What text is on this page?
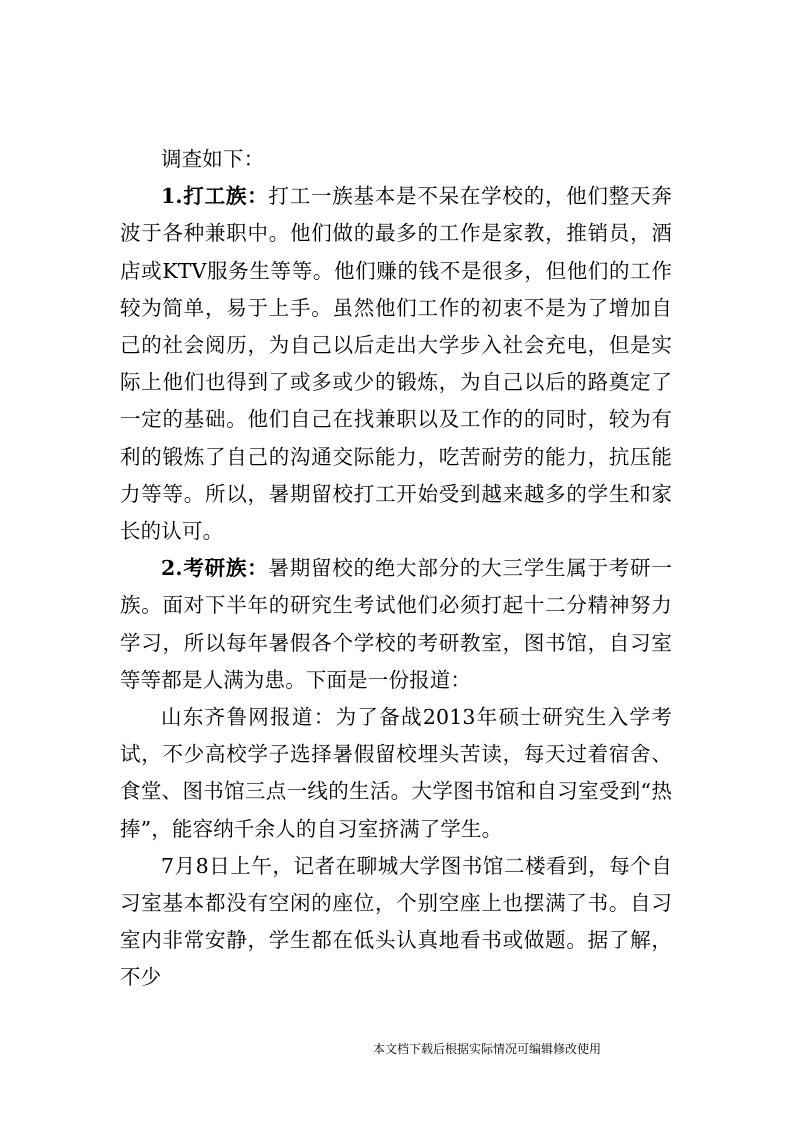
调查如下：

1.打工族：打工一族基本是不呆在学校的，他们整天奔波于各种兼职中。他们做的最多的工作是家教，推销员，酒店或KTV服务生等等。他们赚的钱不是很多，但他们的工作较为简单，易于上手。虽然他们工作的初衷不是为了增加自己的社会阅历，为自己以后走出大学步入社会充电，但是实际上他们也得到了或多或少的锻炼，为自己以后的路奠定了一定的基础。他们自己在找兼职以及工作的的同时，较为有利的锻炼了自己的沟通交际能力，吃苦耐劳的能力，抗压能力等等。所以，暑期留校打工开始受到越来越多的学生和家长的认可。

2.考研族：暑期留校的绝大部分的大三学生属于考研一族。面对下半年的研究生考试他们必须打起十二分精神努力学习，所以每年暑假各个学校的考研教室，图书馆，自习室等等都是人满为患。下面是一份报道：

山东齐鲁网报道：为了备战2013年硕士研究生入学考试，不少高校学子选择暑假留校埋头苦读，每天过着宿舍、食堂、图书馆三点一线的生活。大学图书馆和自习室受到“热捧”，能容纳千余人的自习室挤满了学生。

7月8日上午，记者在聊城大学图书馆二楼看到，每个自习室基本都没有空闲的座位，个别空座上也摆满了书。自习室内非常安静，学生都在低头认真地看书或做题。据了解，不少

本文档下载后根据实际情况可编辑修改使用
